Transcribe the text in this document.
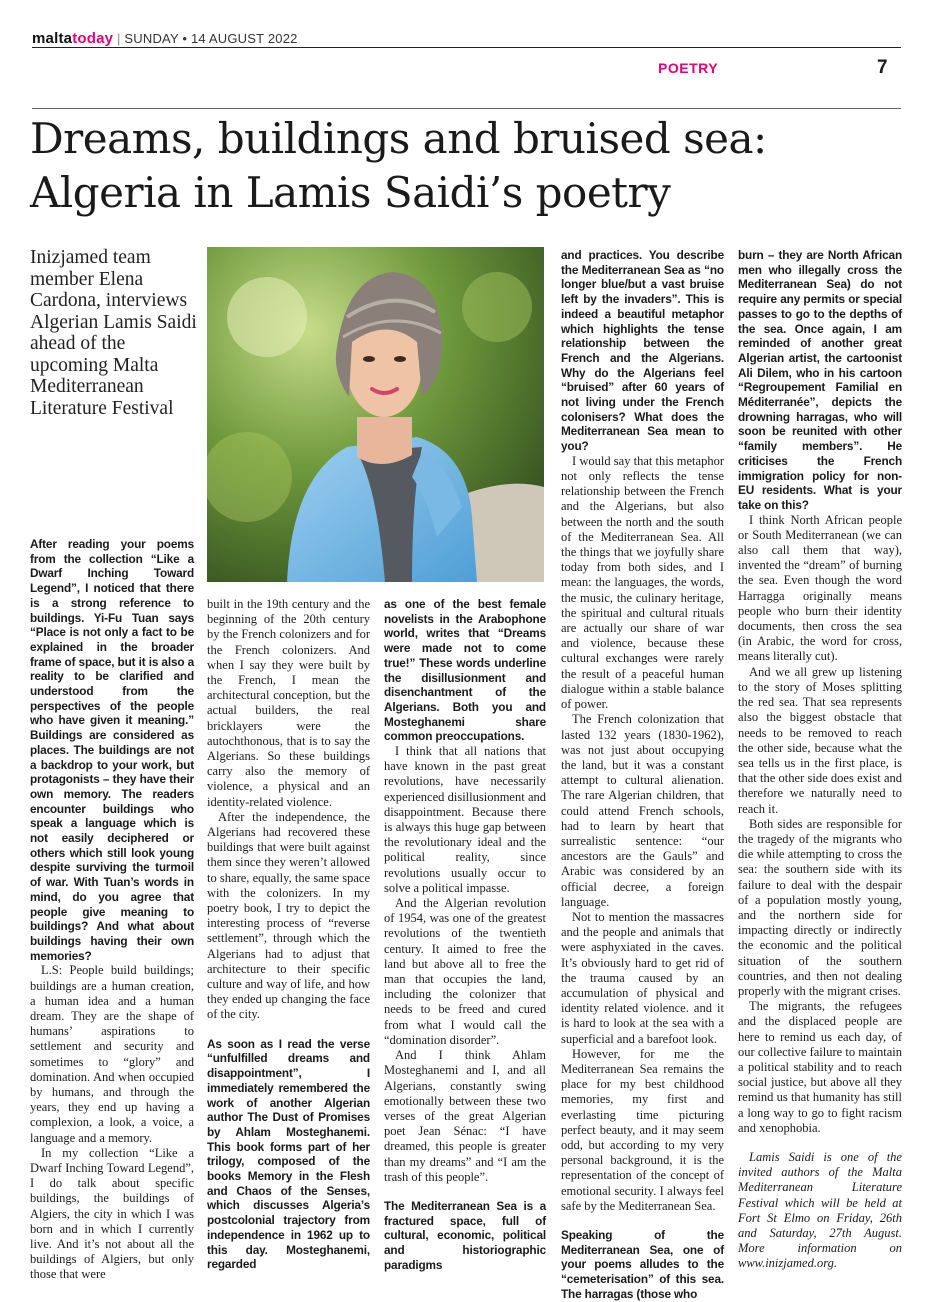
maltatoday | SUNDAY • 14 AUGUST 2022
POETRY	7
Dreams, buildings and bruised sea:
Algeria in Lamis Saidi’s poetry
Inizjamed team member Elena Cardona, interviews Algerian Lamis Saidi ahead of the upcoming Malta Mediterranean Literature Festival

After reading your poems from the collection “Like a Dwarf Inching Toward Legend”, I noticed that there is a strong reference to buildings. Yi-Fu Tuan says “Place is not only a fact to be explained in the broader frame of space, but it is also a reality to be clarified and understood from the perspectives of the people who have given it meaning.” Buildings are considered as places. The buildings are not a backdrop to your work, but protagonists – they have their own memory. The readers encounter buildings who speak a language which is not easily deciphered or others which still look young despite surviving the turmoil of war. With Tuan’s words in mind, do you agree that people give meaning to buildings? And what about buildings having their own memories?

L.S: People build buildings; buildings are a human creation, a human idea and a human dream. They are the shape of humans’ aspirations to settlement and security and sometimes to “glory” and domination. And when occupied by humans, and through the years, they end up having a complexion, a look, a voice, a language and a memory.

In my collection “Like a Dwarf Inching Toward Legend”, I do talk about specific buildings, the buildings of Algiers, the city in which I was born and in which I currently live. And it’s not about all the buildings of Algiers, but only those that were

built in the 19th century and the beginning of the 20th century by the French colonizers and for the French colonizers. And when I say they were built by the French, I mean the architectural conception, but the actual builders, the real bricklayers were the autochthonous, that is to say the Algerians. So these buildings carry also the memory of violence, a physical and an identity-related violence.

After the independence, the Algerians had recovered these buildings that were built against them since they weren’t allowed to share, equally, the same space with the colonizers. In my poetry book, I try to depict the interesting process of “reverse settlement”, through which the Algerians had to adjust that architecture to their specific culture and way of life, and how they ended up changing the face of the city.

As soon as I read the verse “unfulfilled dreams and disappointment”, I immediately remembered the work of another Algerian author The Dust of Promises by Ahlam Mosteghanemi. This book forms part of her trilogy, composed of the books Memory in the Flesh and Chaos of the Senses, which discusses Algeria’s postcolonial trajectory from independence in 1962 up to this day. Mosteghanemi, regarded

as one of the best female novelists in the Arabophone world, writes that “Dreams were made not to come true!” These words underline the disillusionment and disenchantment of the Algerians. Both you and Mosteghanemi share common preoccupations.

I think that all nations that have known in the past great revolutions, have necessarily experienced disillusionment and disappointment. Because there is always this huge gap between the revolutionary ideal and the political reality, since revolutions usually occur to solve a political impasse.

And the Algerian revolution of 1954, was one of the greatest revolutions of the twentieth century. It aimed to free the land but above all to free the man that occupies the land, including the colonizer that needs to be freed and cured from what I would call the “domination disorder”.

And I think Ahlam Mosteghanemi and I, and all Algerians, constantly swing emotionally between these two verses of the great Algerian poet Jean Sénac: “I have dreamed, this people is greater than my dreams” and “I am the trash of this people”.

The Mediterranean Sea is a fractured space, full of cultural, economic, political and historiographic paradigms

and practices. You describe the Mediterranean Sea as “no longer blue/but a vast bruise left by the invaders”. This is indeed a beautiful metaphor which highlights the tense relationship between the French and the Algerians. Why do the Algerians feel “bruised” after 60 years of not living under the French colonisers? What does the Mediterranean Sea mean to you?

I would say that this metaphor not only reflects the tense relationship between the French and the Algerians, but also between the north and the south of the Mediterranean Sea. All the things that we joyfully share today from both sides, and I mean: the languages, the words, the music, the culinary heritage, the spiritual and cultural rituals are actually our share of war and violence, because these cultural exchanges were rarely the result of a peaceful human dialogue within a stable balance of power.

The French colonization that lasted 132 years (1830-1962), was not just about occupying the land, but it was a constant attempt to cultural alienation. The rare Algerian children, that could attend French schools, had to learn by heart that surrealistic sentence: “our ancestors are the Gauls” and Arabic was considered by an official decree, a foreign language.

Not to mention the massacres and the people and animals that were asphyxiated in the caves. It’s obviously hard to get rid of the trauma caused by an accumulation of physical and identity related violence. and it is hard to look at the sea with a superficial and a barefoot look.

However, for me the Mediterranean Sea remains the place for my best childhood memories, my first and everlasting time picturing perfect beauty, and it may seem odd, but according to my very personal background, it is the representation of the concept of emotional security. I always feel safe by the Mediterranean Sea.

Speaking of the Mediterranean Sea, one of your poems alludes to the “cemeterisation” of this sea. The harragas (those who

burn – they are North African men who illegally cross the Mediterranean Sea) do not require any permits or special passes to go to the depths of the sea. Once again, I am reminded of another great Algerian artist, the cartoonist Ali Dilem, who in his cartoon “Regroupement Familial en Méditerranée”, depicts the drowning harragas, who will soon be reunited with other “family members”. He criticises the French immigration policy for non-EU residents. What is your take on this?

I think North African people or South Mediterranean (we can also call them that way), invented the “dream” of burning the sea. Even though the word Harragga originally means people who burn their identity documents, then cross the sea (in Arabic, the word for cross, means literally cut).

And we all grew up listening to the story of Moses splitting the red sea. That sea represents also the biggest obstacle that needs to be removed to reach the other side, because what the sea tells us in the first place, is that the other side does exist and therefore we naturally need to reach it.

Both sides are responsible for the tragedy of the migrants who die while attempting to cross the sea: the southern side with its failure to deal with the despair of a population mostly young, and the northern side for impacting directly or indirectly the economic and the political situation of the southern countries, and then not dealing properly with the migrant crises.

The migrants, the refugees and the displaced people are here to remind us each day, of our collective failure to maintain a political stability and to reach social justice, but above all they remind us that humanity has still a long way to go to fight racism and xenophobia.

Lamis Saidi is one of the invited authors of the Malta Mediterranean Literature Festival which will be held at Fort St Elmo on Friday, 26th and Saturday, 27th August. More information on www.inizjamed.org.
